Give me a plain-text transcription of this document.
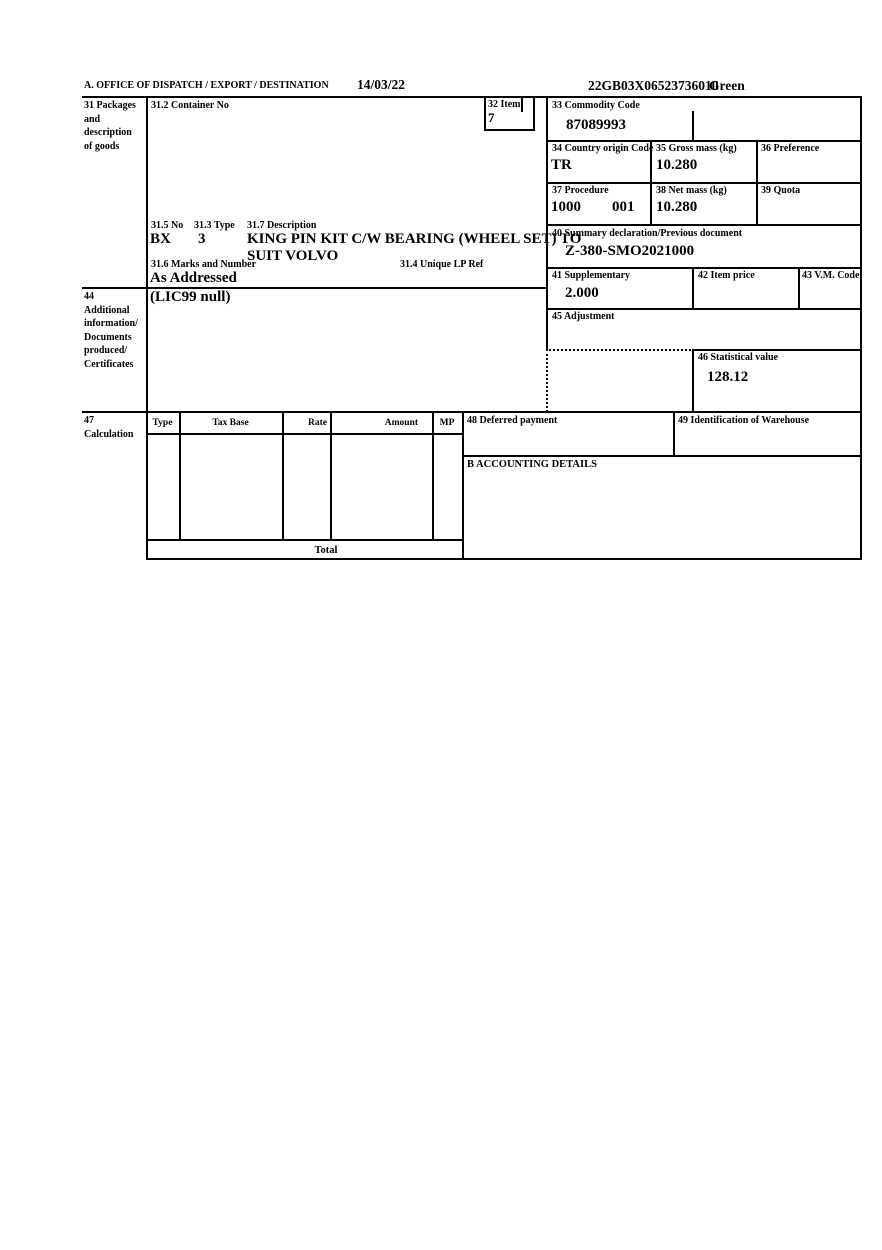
A. OFFICE OF DISPATCH / EXPORT / DESTINATION 14/03/22	22GB03X06523736010
Green
31 Packages
and
description
of goods
31.2 Container No	32 Item
7
31.5 No
BX
31.3 Type
3
31.7 Description
KING PIN KIT C/W BEARING (WHEEL SET) TO
SUIT VOLVO
31.6 Marks and Number
As Addressed
31.4 Unique LP Ref
33 Commodity Code
87089993
34 Country origin Code
TR
35 Gross mass (kg)
10.280
36 Preference
37 Procedure
1000 001
38 Net mass (kg)
10.280
39 Quota
40 Summary declaration/Previous document
Z-380-SMO2021000
41 Supplementary
2.000
42 Item price	43 V.M. Code
44
Additional
information/
Documents
produced/
Certificates
(LIC99 null)
45 Adjustment
46 Statistical value
128.12
47
Calculation
Type	Tax Base	Rate	Amount	MP
Total
48 Deferred payment	49 Identification of Warehouse
B ACCOUNTING DETAILS
